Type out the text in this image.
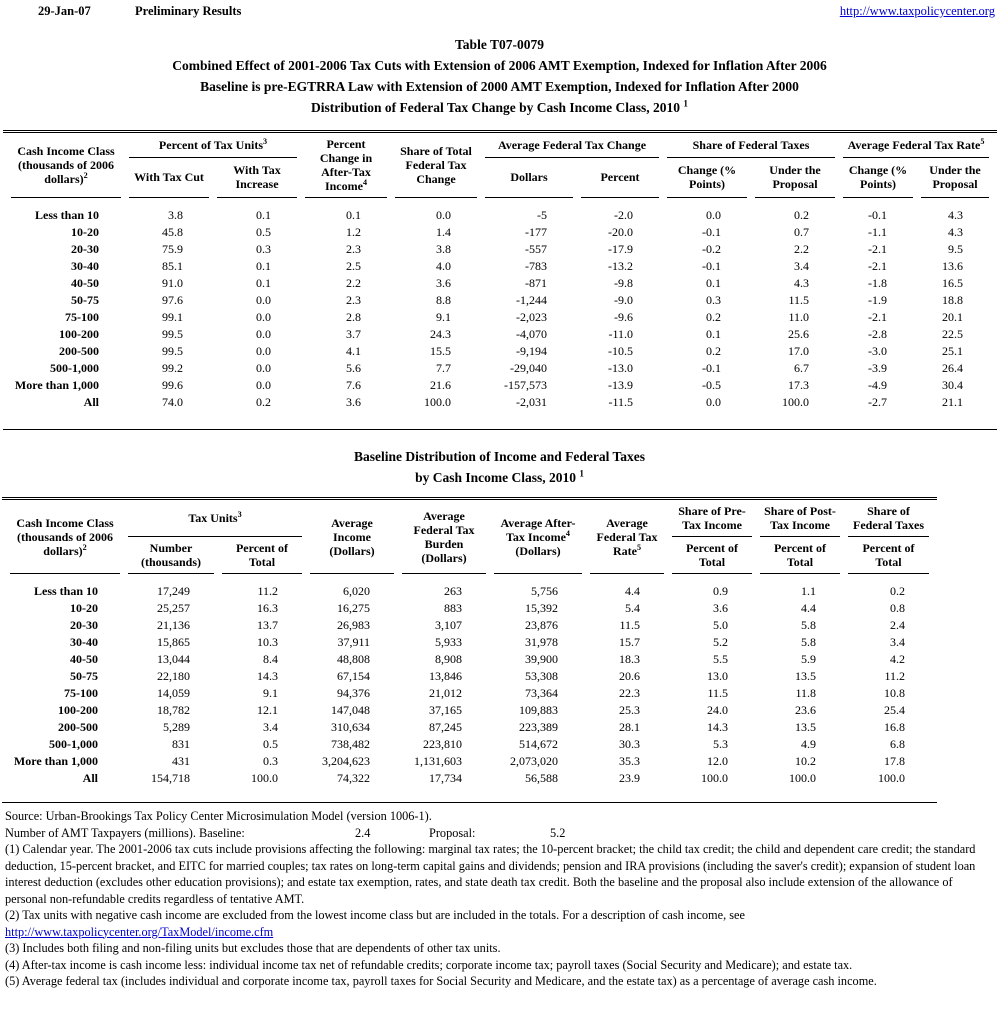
29-Jan-07	Preliminary Results	http://www.taxpolicycenter.org
Table T07-0079
Combined Effect of 2001-2006 Tax Cuts with Extension of 2006 AMT Exemption, Indexed for Inflation After 2006
Baseline is pre-EGTRRA Law with Extension of 2000 AMT Exemption, Indexed for Inflation After 2000
Distribution of Federal Tax Change by Cash Income Class, 2010 $^1$
Cash Income Class (thousands of 2006 dollars)$^2$	Percent of Tax Units$^3$		Percent Change in After-Tax Income$^4$	Share of Total Federal Tax Change	Average Federal Tax Change		Share of Federal Taxes		Average Federal Tax Rate$^5$
	With Tax Cut	With Tax Increase			Dollars	Percent	Change (% Points)	Under the Proposal	Change (% Points)	Under the Proposal
Less than 10	3.8	0.1	0.1	0.0	-5	-2.0	0.0	0.2	-0.1	4.3
10-20	45.8	0.5	1.2	1.4	-177	-20.0	-0.1	0.7	-1.1	4.3
20-30	75.9	0.3	2.3	3.8	-557	-17.9	-0.2	2.2	-2.1	9.5
30-40	85.1	0.1	2.5	4.0	-783	-13.2	-0.1	3.4	-2.1	13.6
40-50	91.0	0.1	2.2	3.6	-871	-9.8	0.1	4.3	-1.8	16.5
50-75	97.6	0.0	2.3	8.8	-1,244	-9.0	0.3	11.5	-1.9	18.8
75-100	99.1	0.0	2.8	9.1	-2,023	-9.6	0.2	11.0	-2.1	20.1
100-200	99.5	0.0	3.7	24.3	-4,070	-11.0	0.1	25.6	-2.8	22.5
200-500	99.5	0.0	4.1	15.5	-9,194	-10.5	0.2	17.0	-3.0	25.1
500-1,000	99.2	0.0	5.6	7.7	-29,040	-13.0	-0.1	6.7	-3.9	26.4
More than 1,000	99.6	0.0	7.6	21.6	-157,573	-13.9	-0.5	17.3	-4.9	30.4
All	74.0	0.2	3.6	100.0	-2,031	-11.5	0.0	100.0	-2.7	21.1
Baseline Distribution of Income and Federal Taxes
by Cash Income Class, 2010 $^1$
Cash Income Class (thousands of 2006 dollars)$^2$	Tax Units$^3$		Average Income (Dollars)	Average Federal Tax Burden (Dollars)	Average After-Tax Income$^4$ (Dollars)	Average Federal Tax Rate$^5$	Share of Pre-Tax Income	Share of Post-Tax Income	Share of Federal Taxes
	Number (thousands)	Percent of Total					Percent of Total	Percent of Total	Percent of Total
Less than 10	17,249	11.2	6,020	263	5,756	4.4	0.9	1.1	0.2
10-20	25,257	16.3	16,275	883	15,392	5.4	3.6	4.4	0.8
20-30	21,136	13.7	26,983	3,107	23,876	11.5	5.0	5.8	2.4
30-40	15,865	10.3	37,911	5,933	31,978	15.7	5.2	5.8	3.4
40-50	13,044	8.4	48,808	8,908	39,900	18.3	5.5	5.9	4.2
50-75	22,180	14.3	67,154	13,846	53,308	20.6	13.0	13.5	11.2
75-100	14,059	9.1	94,376	21,012	73,364	22.3	11.5	11.8	10.8
100-200	18,782	12.1	147,048	37,165	109,883	25.3	24.0	23.6	25.4
200-500	5,289	3.4	310,634	87,245	223,389	28.1	14.3	13.5	16.8
500-1,000	831	0.5	738,482	223,810	514,672	30.3	5.3	4.9	6.8
More than 1,000	431	0.3	3,204,623	1,131,603	2,073,020	35.3	12.0	10.2	17.8
All	154,718	100.0	74,322	17,734	56,588	23.9	100.0	100.0	100.0

Source: Urban-Brookings Tax Policy Center Microsimulation Model (version 1006-1).

Number of AMT Taxpayers (millions). Baseline:	2.4	Proposal:	5.2

(1) Calendar year. The 2001-2006 tax cuts include provisions affecting the following: marginal tax rates; the 10-percent bracket; the child tax credit; the child and dependent care credit; the standard deduction, 15-percent bracket, and EITC for married couples; tax rates on long-term capital gains and dividends; pension and IRA provisions (including the saver's credit); expansion of student loan interest deduction (excludes other education provisions); and estate tax exemption, rates, and state death tax credit. Both the baseline and the proposal also include extension of the allowance of personal non-refundable credits regardless of tentative AMT.

(2) Tax units with negative cash income are excluded from the lowest income class but are included in the totals. For a description of cash income, see

http://www.taxpolicycenter.org/TaxModel/income.cfm

(3) Includes both filing and non-filing units but excludes those that are dependents of other tax units.

(4) After-tax income is cash income less: individual income tax net of refundable credits; corporate income tax; payroll taxes (Social Security and Medicare); and estate tax.

(5) Average federal tax (includes individual and corporate income tax, payroll taxes for Social Security and Medicare, and the estate tax) as a percentage of average cash income.
